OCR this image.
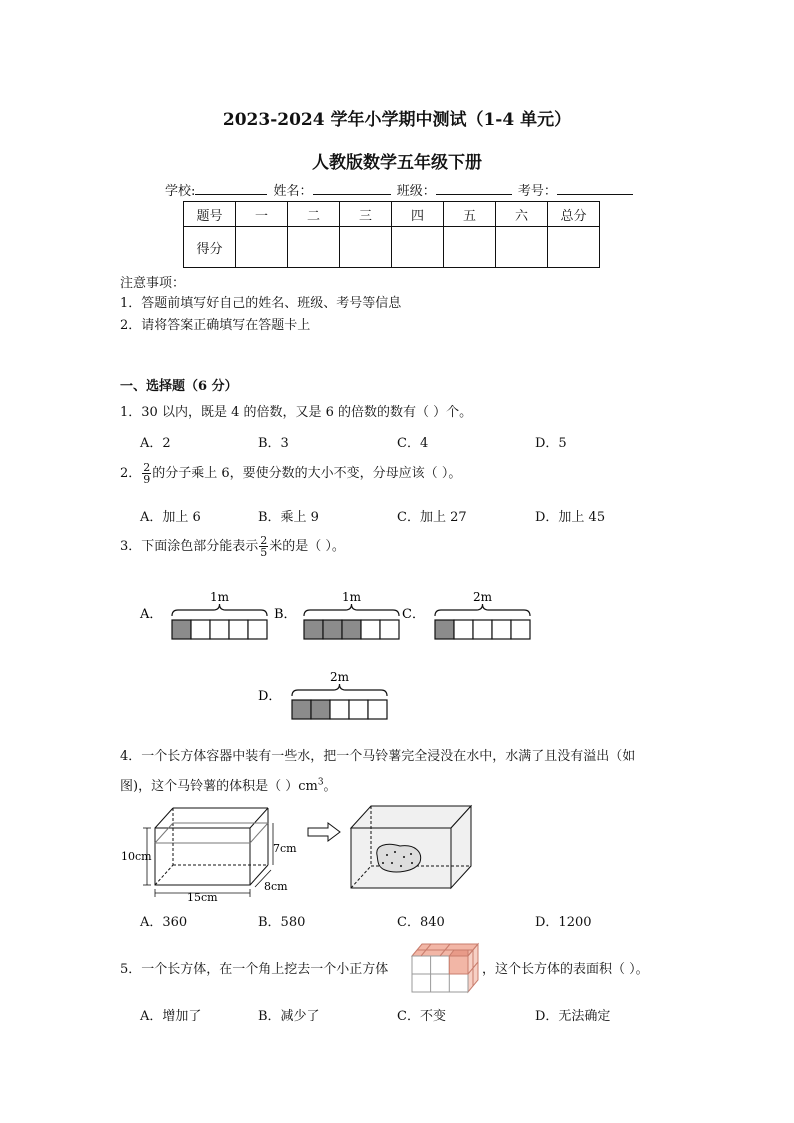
2023-2024 学年小学期中测试（1-4 单元）
人教版数学五年级下册
学校:	姓名：	班级：	考号：
题号	一	二	三	四	五	六	总分
得分							
注意事项：
1．答题前填写好自己的姓名、班级、考号等信息
2．请将答案正确填写在答题卡上
一、选择题（6 分）
1．30 以内，既是 4 的倍数，又是 6 的倍数的数有（ ）个。
A．2	B．3	C．4	D．5
2． $\frac{2}{9}$ 的分子乘上 6，要使分数的大小不变，分母应该（ ）。
A．加上 6	B．乘上 9	C．加上 27	D．加上 45
3．下面涂色部分能表示 $\frac{2}{5}$ 米的是（ ）。
A．	B．	C．
D．
1m	1m	2m
2m
4．一个长方体容器中装有一些水，把一个马铃薯完全浸没在水中，水满了且没有溢出（如
图)，这个马铃薯的体积是（ ）$cm^3$。
10cm
15cm
7cm
8cm
A．360	B．580	C．840	D．1200
5．一个长方体，在一个角上挖去一个小正方体	，这个长方体的表面积（ ）。
A．增加了	B．减少了	C．不变	D．无法确定
